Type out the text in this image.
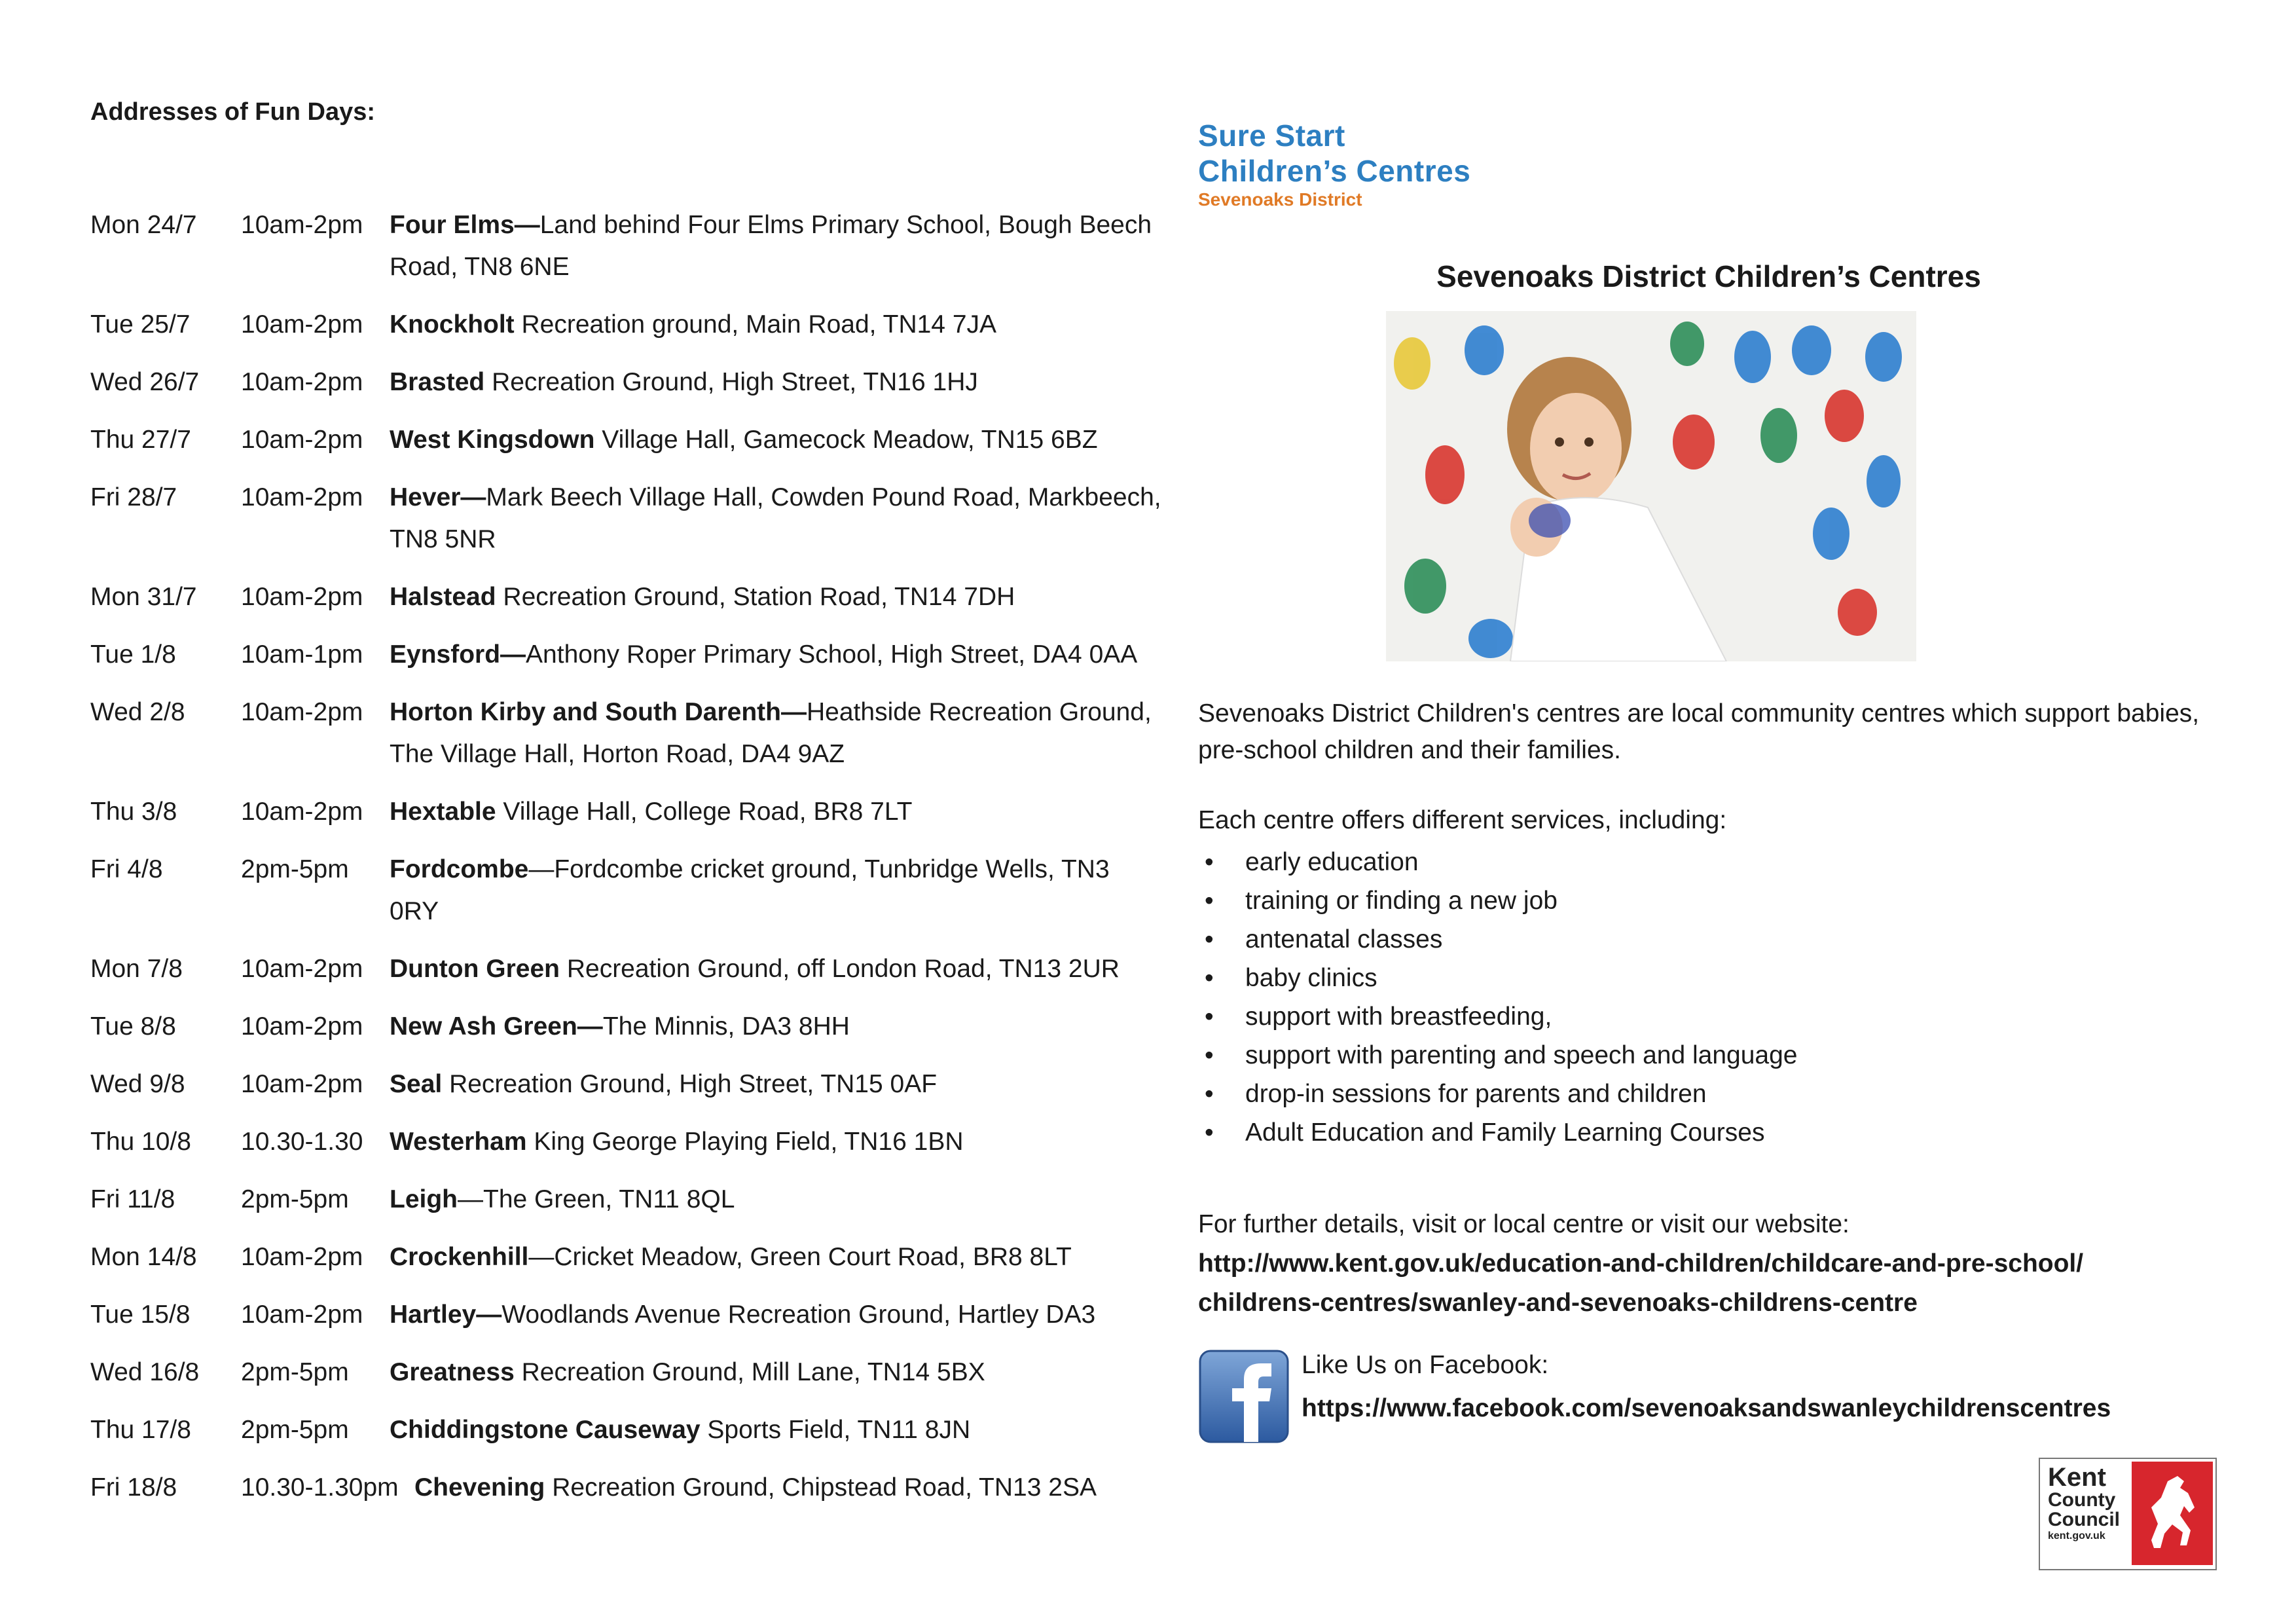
Addresses of Fun Days:
Mon 24/7	10am-2pm	Four Elms—Land behind Four Elms Primary School, Bough Beech Road, TN8 6NE
Tue 25/7	10am-2pm	Knockholt Recreation ground, Main Road, TN14 7JA
Wed 26/7	10am-2pm	Brasted Recreation Ground, High Street, TN16 1HJ
Thu 27/7	10am-2pm	West Kingsdown Village Hall, Gamecock Meadow, TN15 6BZ
Fri 28/7	10am-2pm	Hever—Mark Beech Village Hall, Cowden Pound Road, Markbeech, TN8 5NR
Mon 31/7	10am-2pm	Halstead Recreation Ground, Station Road, TN14 7DH
Tue 1/8	10am-1pm	Eynsford—Anthony Roper Primary School, High Street, DA4 0AA
Wed 2/8	10am-2pm	Horton Kirby and South Darenth—Heathside Recreation Ground, The Village Hall, Horton Road, DA4 9AZ
Thu 3/8	10am-2pm	Hextable Village Hall, College Road, BR8 7LT
Fri 4/8	2pm-5pm	Fordcombe—Fordcombe cricket ground, Tunbridge Wells, TN3 0RY
Mon 7/8	10am-2pm	Dunton Green Recreation Ground, off London Road, TN13 2UR
Tue 8/8	10am-2pm	New Ash Green—The Minnis, DA3 8HH
Wed 9/8	10am-2pm	Seal Recreation Ground, High Street, TN15 0AF
Thu 10/8	10.30-1.30	Westerham King George Playing Field, TN16 1BN
Fri 11/8	2pm-5pm	Leigh—The Green, TN11 8QL
Mon 14/8	10am-2pm	Crockenhill—Cricket Meadow, Green Court Road, BR8 8LT
Tue 15/8	10am-2pm	Hartley—Woodlands Avenue Recreation Ground, Hartley DA3
Wed 16/8	2pm-5pm	Greatness Recreation Ground, Mill Lane, TN14 5BX
Thu 17/8	2pm-5pm	Chiddingstone Causeway Sports Field, TN11 8JN
Fri 18/8	10.30-1.30pm Chevening Recreation Ground, Chipstead Road, TN13 2SA
Sure Start
Children’s Centres
Sevenoaks District
Sevenoaks District Children’s Centres

Sevenoaks District Children's centres are local community centres which support babies, pre-school children and their families.

Each centre offers different services, including:

• early education
• training or finding a new job
• antenatal classes
• baby clinics
• support with breastfeeding,
• support with parenting and speech and language
• drop-in sessions for parents and children
• Adult Education and Family Learning Courses
For further details, visit or local centre or visit our website:
http://www.kent.gov.uk/education-and-children/childcare-and-pre-school/
childrens-centres/swanley-and-sevenoaks-childrens-centre
Like Us on Facebook:
https://www.facebook.com/sevenoaksandswanleychildrenscentres
Kent
County
Council
kent.gov.uk
